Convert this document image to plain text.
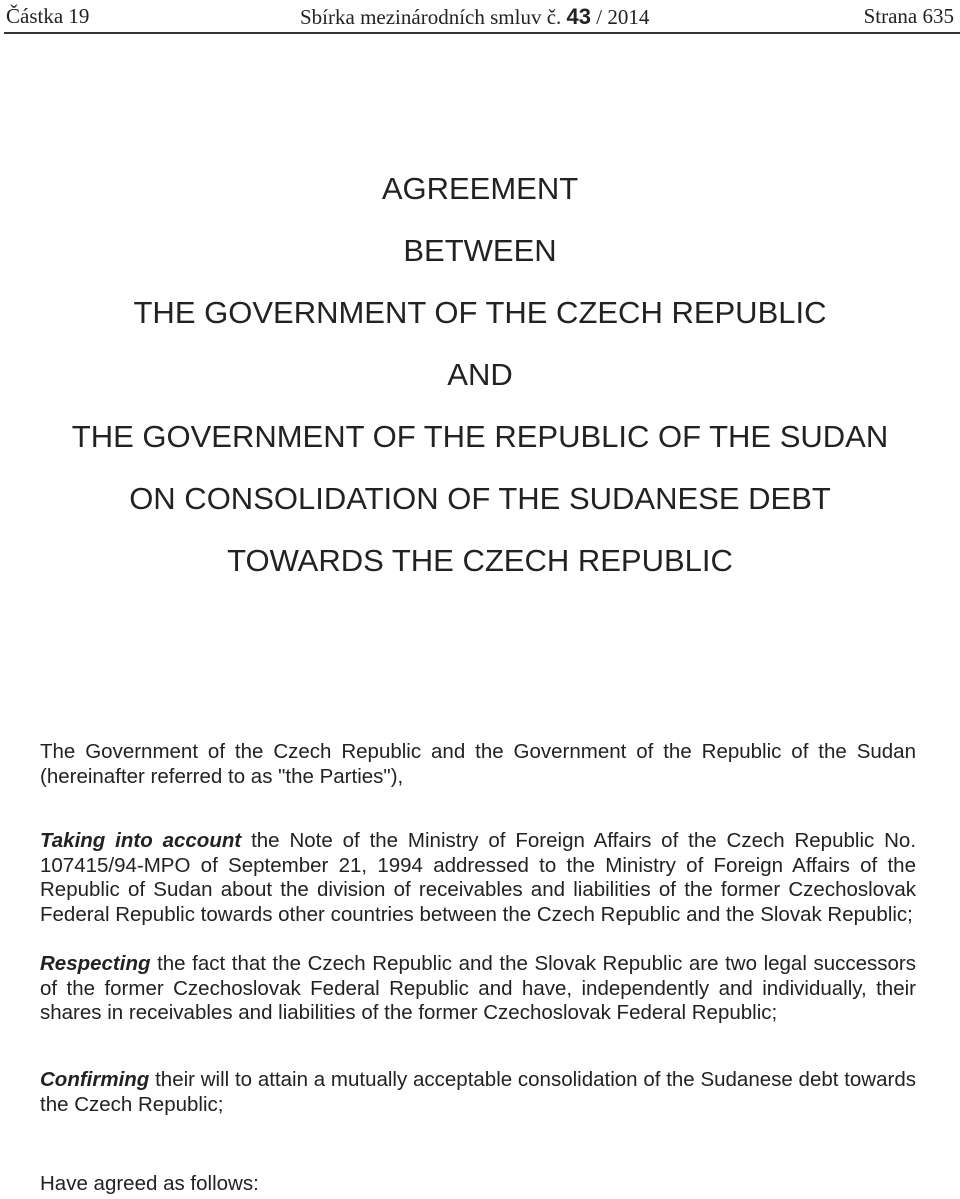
Částka 19	Sbírka mezinárodních smluv č. 43 / 2014	Strana 635
AGREEMENT
BETWEEN
THE GOVERNMENT OF THE CZECH REPUBLIC
AND
THE GOVERNMENT OF THE REPUBLIC OF THE SUDAN
ON CONSOLIDATION OF THE SUDANESE DEBT
TOWARDS THE CZECH REPUBLIC

The Government of the Czech Republic and the Government of the Republic of the Sudan (hereinafter referred to as "the Parties"),

Taking into account the Note of the Ministry of Foreign Affairs of the Czech Republic No. 107415/94-MPO of September 21, 1994 addressed to the Ministry of Foreign Affairs of the Republic of Sudan about the division of receivables and liabilities of the former Czechoslovak Federal Republic towards other countries between the Czech Republic and the Slovak Republic;

Respecting the fact that the Czech Republic and the Slovak Republic are two legal successors of the former Czechoslovak Federal Republic and have, independently and individually, their shares in receivables and liabilities of the former Czechoslovak Federal Republic;

Confirming their will to attain a mutually acceptable consolidation of the Sudanese debt towards the Czech Republic;

Have agreed as follows:
